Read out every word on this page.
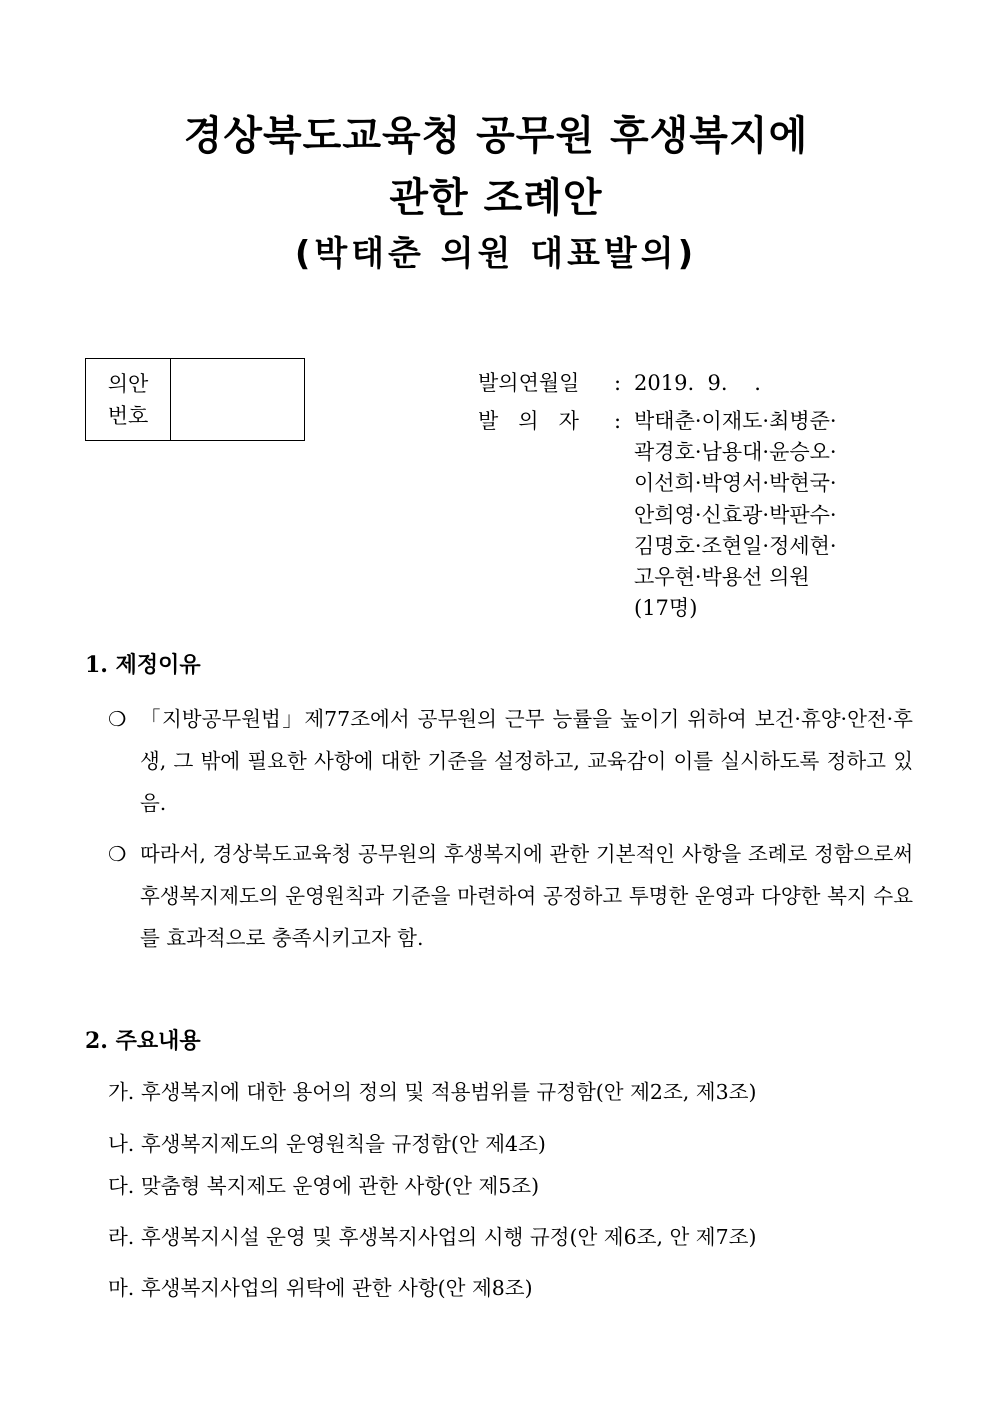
경상북도교육청 공무원 후생복지에
관한 조례안
(박태춘 의원 대표발의)
의안
번호
발의연월일 : 2019.  9.    .
발의자 : 박태춘·이재도·최병준·
곽경호·남용대·윤승오·
이선희·박영서·박현국·
안희영·신효광·박판수·
김명호·조현일·정세현·
고우현·박용선 의원
(17명)
1. 제정이유
❍ 「지방공무원법」제77조에서 공무원의 근무 능률을 높이기 위하여 보건·휴양·안전·후생, 그 밖에 필요한 사항에 대한 기준을 설정하고, 교육감이 이를 실시하도록 정하고 있음.
❍ 따라서, 경상북도교육청 공무원의 후생복지에 관한 기본적인 사항을 조례로 정함으로써 후생복지제도의 운영원칙과 기준을 마련하여 공정하고 투명한 운영과 다양한 복지 수요를 효과적으로 충족시키고자 함.
2. 주요내용
가. 후생복지에 대한 용어의 정의 및 적용범위를 규정함(안 제2조, 제3조)
나. 후생복지제도의 운영원칙을 규정함(안 제4조)
다. 맞춤형 복지제도 운영에 관한 사항(안 제5조)
라. 후생복지시설 운영 및 후생복지사업의 시행 규정(안 제6조, 안 제7조)
마. 후생복지사업의 위탁에 관한 사항(안 제8조)
